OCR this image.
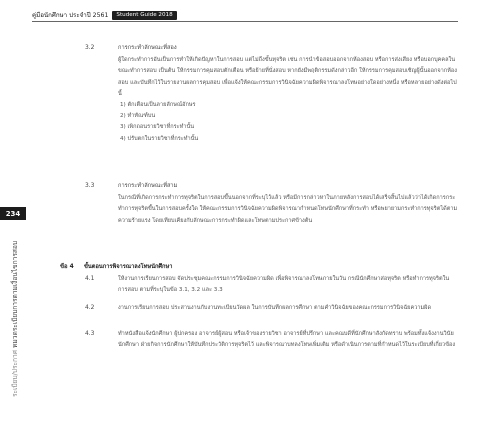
คู่มือนักศึกษา ประจำปี 2561	Student Guide 2018
234
ระเบียบ/ประกาศ หมวดระเบียบการตามเงื่อนไขการสอบ
3.2	การกระทำลักษณะที่สอง

ผู้ใดกระทำการอันเป็นการทำให้เกิดปัญหาในการสอบ แต่ไม่ถึงขั้นทุจริต เช่น การนำข้อสอบออกจากห้องสอบ หรือการส่งเสียง หรือบอกบุคคลในขณะทำการสอบ เป็นต้น ให้กรรมการคุมสอบตักเตือน หรือย้ายที่นั่งสอบ หากยังมีพฤติกรรมดังกล่าวอีก ให้กรรมการคุมสอบเชิญผู้นั้นออกจากห้องสอบ และบันทึกไว้ในรายงานผลการคุมสอบ เพื่อแจ้งให้คณะกรรมการวินิจฉัยความผิดพิจารณาลงโทษอย่างใดอย่างหนึ่ง หรือหลายอย่างดังต่อไปนี้

1) ตักเตือนเป็นลายลักษณ์อักษร
2) ทำทัณฑ์บน
3) เพิกถอนรายวิชาที่กระทำนั้น
4) ปรับตกในรายวิชาที่กระทำนั้น
3.3	การกระทำลักษณะที่สาม

ในกรณีที่เกิดการกระทำการทุจริตในการสอบขึ้นนอกจากที่ระบุไว้แล้ว หรือมีการกล่าวหาในภายหลังการสอบได้เสร็จสิ้นไปแล้วว่าได้เกิดการกระทำการทุจริตขึ้นในการสอบครั้งใด ให้คณะกรรมการวินิจฉัยความผิดพิจารณากำหนดโทษนักศึกษาที่กระทำ หรือพยายามกระทำการทุจริตได้ตามความร้ายแรง โดยเทียบเคียงกับลักษณะการกระทำผิดและโทษตามประกาศข้างต้น

ข้อ 4 ขั้นตอนการพิจารณาลงโทษนักศึกษา
4.1	ให้งานการเรียนการสอบ จัดประชุมคณะกรรมการวินิจฉัยความผิด เพื่อพิจารณาลงโทษภายในวัน กรณีนักศึกษาส่อทุจริต หรือทำการทุจริตในการสอบ ตามที่ระบุในข้อ 3.1, 3.2 และ 3.3

4.2	งานการเรียนการสอบ ประสานงานกับงานทะเบียนวัดผล ในการบันทึกผลการศึกษา ตามคำวินิจฉัยของคณะกรรมการวินิจฉัยความผิด

4.3	ทำหนังสือแจ้งนักศึกษา ผู้ปกครอง อาจารย์ผู้สอน หรือเจ้าของรายวิชา อาจารย์ที่ปรึกษา และคณบดีที่นักศึกษาสังกัดทราบ พร้อมทั้งแจ้งงานวินัยนักศึกษา ฝ่ายกิจการนักศึกษาให้บันทึกประวัติการทุจริตไว้ และพิจารณาบทลงโทษเพิ่มเติม หรือดำเนินการตามที่กำหนดไว้ในระเบียบที่เกี่ยวข้อง
